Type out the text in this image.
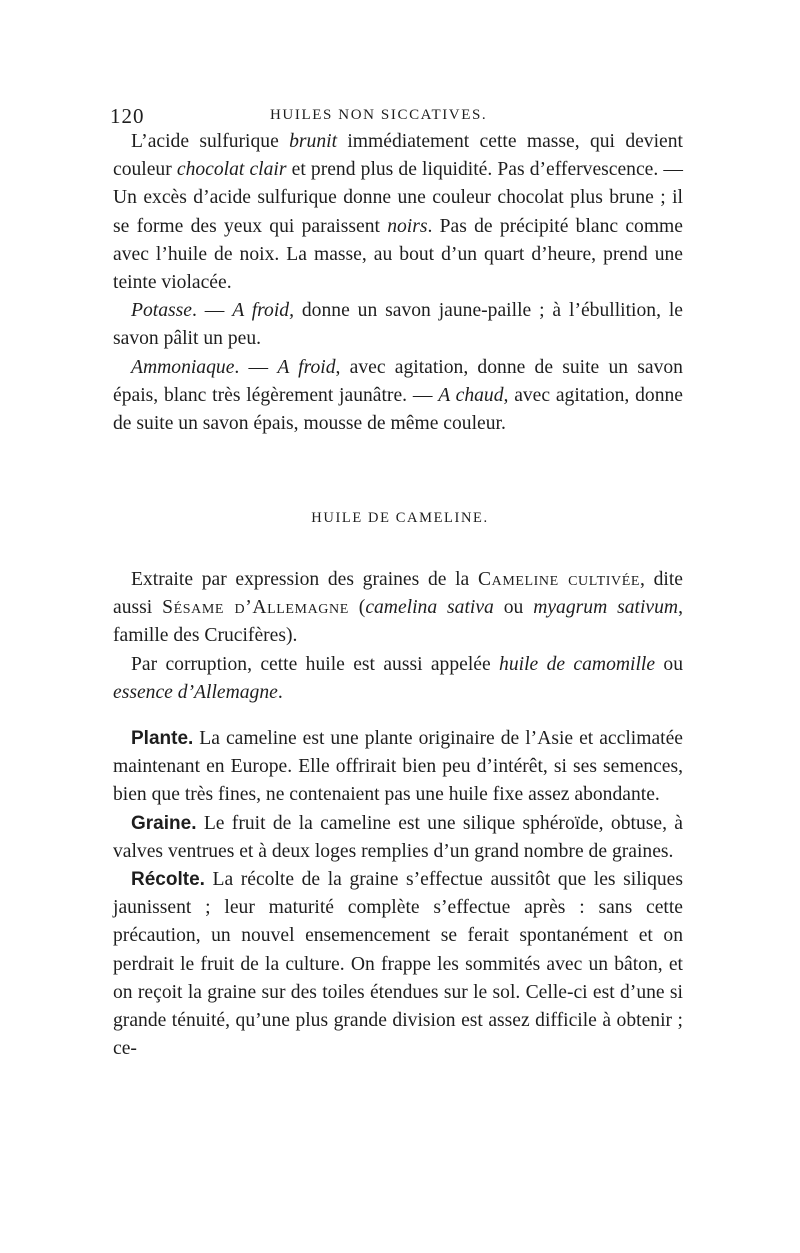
120	HUILES NON SICCATIVES.

L’acide sulfurique brunit immédiatement cette masse, qui devient couleur chocolat clair et prend plus de liquidité. Pas d’effervescence. — Un excès d’acide sulfurique donne une couleur chocolat plus brune ; il se forme des yeux qui paraissent noirs. Pas de précipité blanc comme avec l’huile de noix. La masse, au bout d’un quart d’heure, prend une teinte violacée.

Potasse. — A froid, donne un savon jaune-paille ; à l’ébullition, le savon pâlit un peu.

Ammoniaque. — A froid, avec agitation, donne de suite un savon épais, blanc très légèrement jaunâtre. — A chaud, avec agitation, donne de suite un savon épais, mousse de même couleur.

HUILE DE CAMELINE.

Extraite par expression des graines de la Cameline cultivée, dite aussi Sésame d’Allemagne (camelina sativa ou myagrum sativum, famille des Crucifères).

Par corruption, cette huile est aussi appelée huile de camomille ou essence d’Allemagne.

Plante. La cameline est une plante originaire de l’Asie et acclimatée maintenant en Europe. Elle offrirait bien peu d’intérêt, si ses semences, bien que très fines, ne contenaient pas une huile fixe assez abondante.

Graine. Le fruit de la cameline est une silique sphéroïde, obtuse, à valves ventrues et à deux loges remplies d’un grand nombre de graines.

Récolte. La récolte de la graine s’effectue aussitôt que les siliques jaunissent ; leur maturité complète s’effectue après : sans cette précaution, un nouvel ensemencement se ferait spontanément et on perdrait le fruit de la culture. On frappe les sommités avec un bâton, et on reçoit la graine sur des toiles étendues sur le sol. Celle-ci est d’une si grande ténuité, qu’une plus grande division est assez difficile à obtenir ; ce-
